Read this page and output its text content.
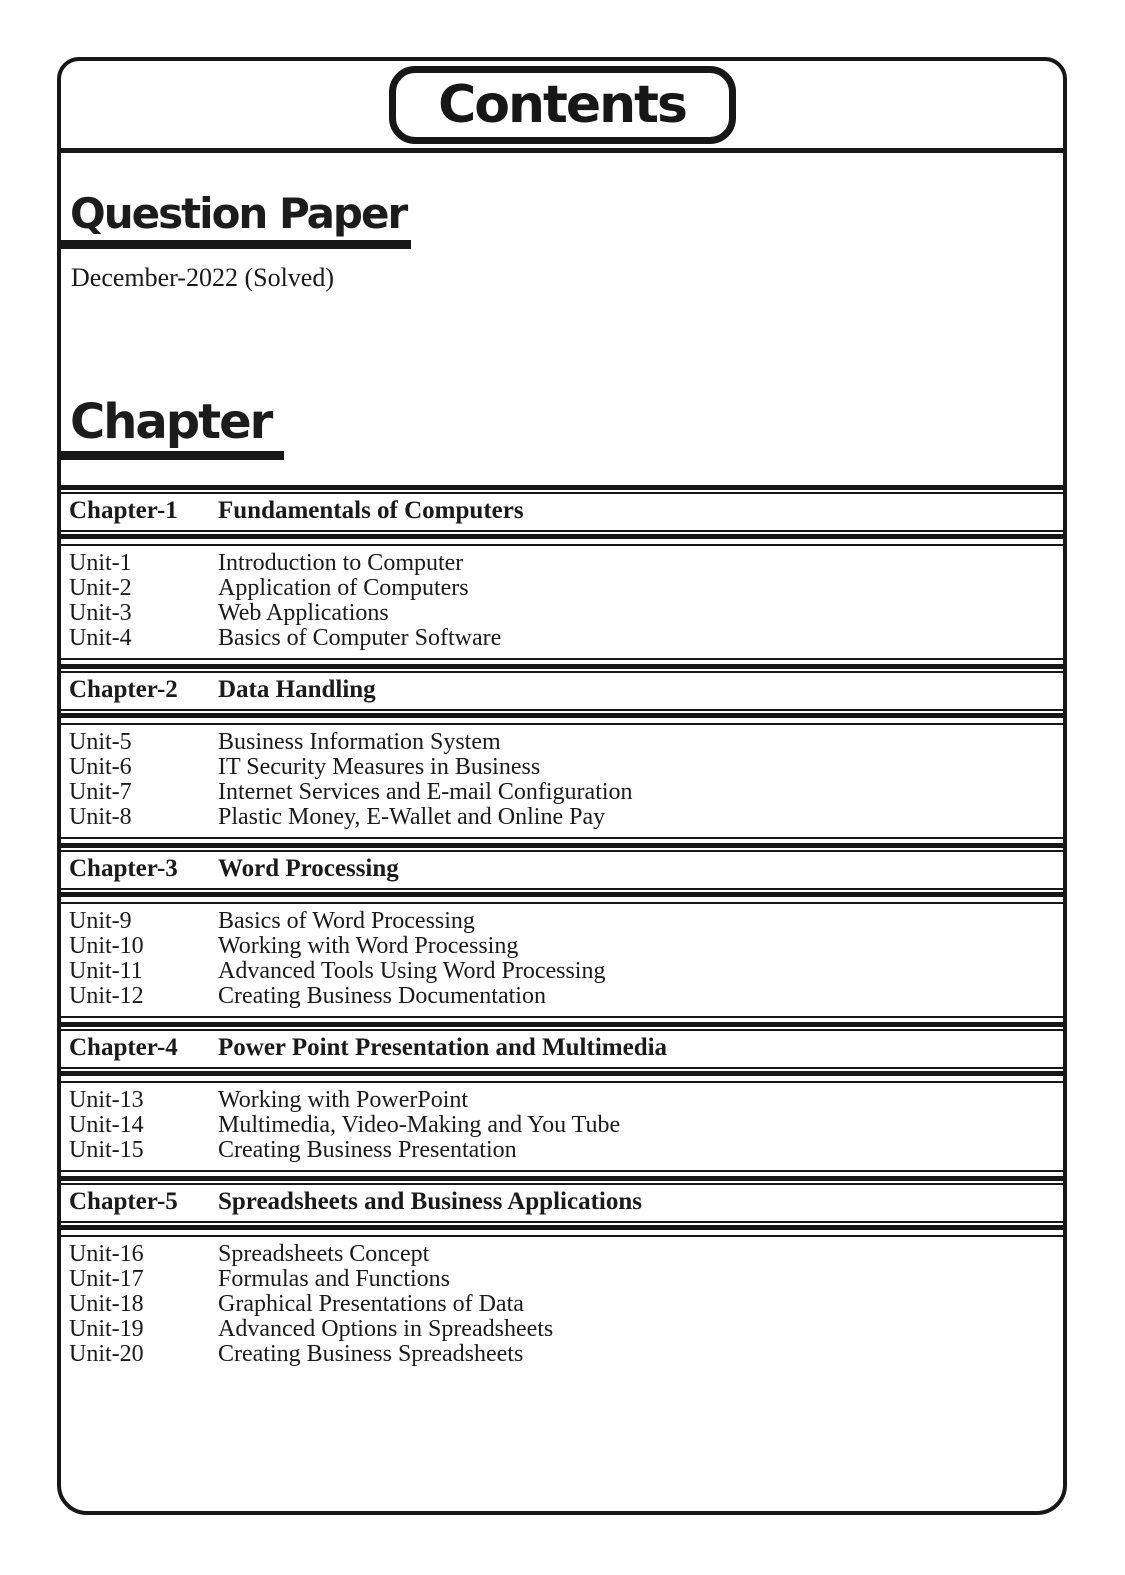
Contents
Question Paper
December-2022 (Solved)
Chapter
Chapter-1	Fundamentals of Computers
Unit-1	Introduction to Computer
Unit-2	Application of Computers
Unit-3	Web Applications
Unit-4	Basics of Computer Software
Chapter-2	Data Handling
Unit-5	Business Information System
Unit-6	IT Security Measures in Business
Unit-7	Internet Services and E-mail Configuration
Unit-8	Plastic Money, E-Wallet and Online Pay
Chapter-3	Word Processing
Unit-9	Basics of Word Processing
Unit-10	Working with Word Processing
Unit-11	Advanced Tools Using Word Processing
Unit-12	Creating Business Documentation
Chapter-4	Power Point Presentation and Multimedia
Unit-13	Working with PowerPoint
Unit-14	Multimedia, Video-Making and You Tube
Unit-15	Creating Business Presentation
Chapter-5	Spreadsheets and Business Applications
Unit-16	Spreadsheets Concept
Unit-17	Formulas and Functions
Unit-18	Graphical Presentations of Data
Unit-19	Advanced Options in Spreadsheets
Unit-20	Creating Business Spreadsheets
